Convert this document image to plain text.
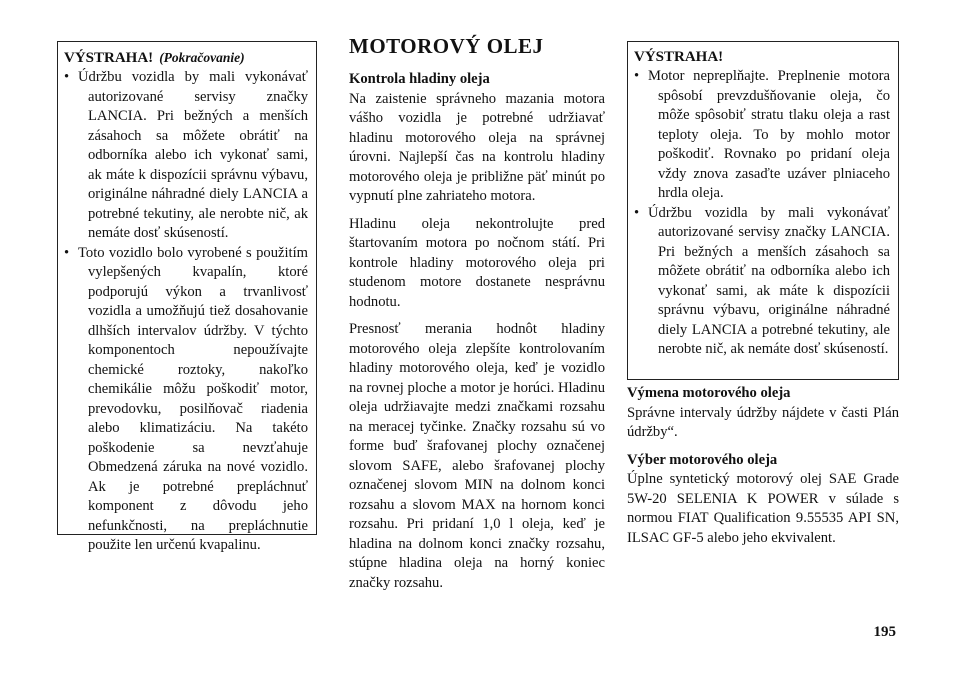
VÝSTRAHA! (Pokračovanie)

• Údržbu vozidla by mali vykonávať autorizované servisy značky LANCIA. Pri bežných a menších zásahoch sa môžete obrátiť na odborníka alebo ich vykonať sami, ak máte k dispozícii správnu výbavu, originálne náhradné diely LANCIA a potrebné tekutiny, ale nerobte nič, ak nemáte dosť skúseností.
• Toto vozidlo bolo vyrobené s použitím vylepšených kvapalín, ktoré podporujú výkon a trvanlivosť vozidla a umožňujú tiež dosahovanie dlhších intervalov údržby. V týchto komponentoch nepoužívajte chemické roztoky, nakoľko chemikálie môžu poškodiť motor, prevodovku, posilňovač riadenia alebo klimatizáciu. Na takéto poškodenie sa nevzťahuje Obmedzená záruka na nové vozidlo. Ak je potrebné prepláchnuť komponent z dôvodu jeho nefunkčnosti, na prepláchnutie použite len určenú kvapalinu.
MOTOROVÝ OLEJ

Kontrola hladiny oleja

Na zaistenie správneho mazania motora vášho vozidla je potrebné udržiavať hladinu motorového oleja na správnej úrovni. Najlepší čas na kontrolu hladiny motorového oleja je približne päť minút po vypnutí plne zahriateho motora.

Hladinu oleja nekontrolujte pred štartovaním motora po nočnom státí. Pri kontrole hladiny motorového oleja pri studenom motore dostanete nesprávnu hodnotu.

Presnosť merania hodnôt hladiny motorového oleja zlepšíte kontrolovaním hladiny motorového oleja, keď je vozidlo na rovnej ploche a motor je horúci. Hladinu oleja udržiavajte medzi značkami rozsahu na meracej tyčinke. Značky rozsahu sú vo forme buď šrafovanej plochy označenej slovom SAFE, alebo šrafovanej plochy označenej slovom MIN na dolnom konci rozsahu a slovom MAX na hornom konci rozsahu. Pri pridaní 1,0 l oleja, keď je hladina na dolnom konci značky rozsahu, stúpne hladina oleja na horný koniec značky rozsahu.

VÝSTRAHA!

• Motor nepreplňajte. Preplnenie motora spôsobí prevzdušňovanie oleja, čo môže spôsobiť stratu tlaku oleja a rast teploty oleja. To by mohlo motor poškodiť. Rovnako po pridaní oleja vždy znova zasaďte uzáver plniaceho hrdla oleja.
• Údržbu vozidla by mali vykonávať autorizované servisy značky LANCIA. Pri bežných a menších zásahoch sa môžete obrátiť na odborníka alebo ich vykonať sami, ak máte k dispozícii správnu výbavu, originálne náhradné diely LANCIA a potrebné tekutiny, ale nerobte nič, ak nemáte dosť skúseností.

Výmena motorového oleja

Správne intervaly údržby nájdete v časti Plán údržby“.

Výber motorového oleja

Úplne syntetický motorový olej SAE Grade 5W-20 SELENIA K POWER v súlade s normou FIAT Qualification 9.55535 API SN, ILSAC GF-5 alebo jeho ekvivalent.

195
